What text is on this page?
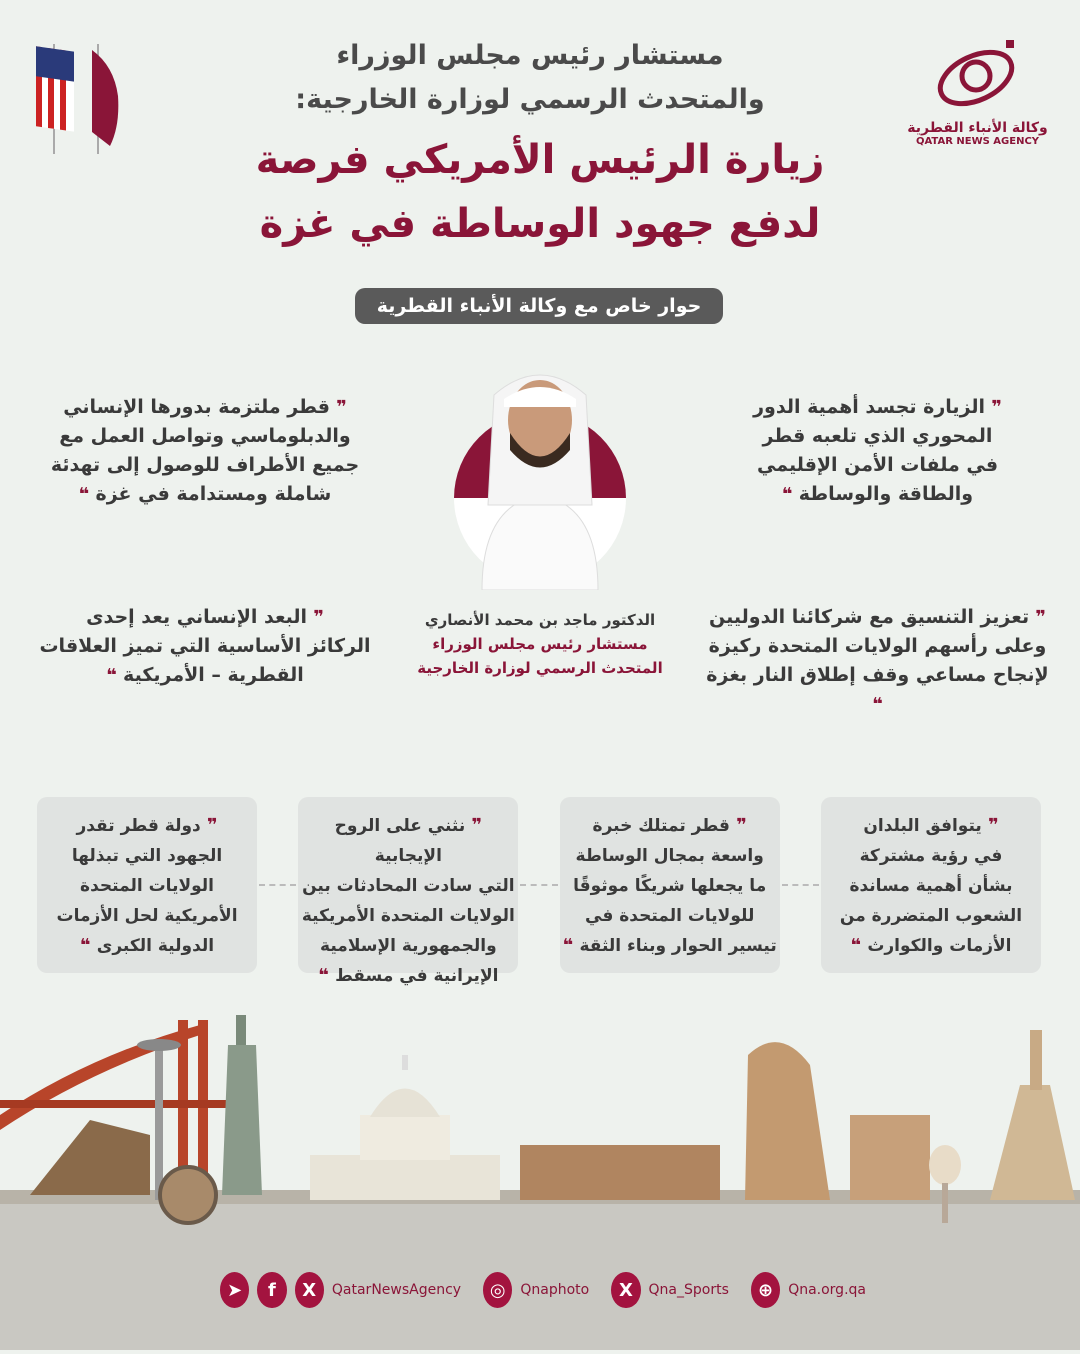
مستشار رئيس مجلس الوزراء
والمتحدث الرسمي لوزارة الخارجية:
زيارة الرئيس الأمريكي فرصة
لدفع جهود الوساطة في غزة
وكالة الأنباء القطرية
QATAR NEWS AGENCY
حوار خاص مع وكالة الأنباء القطرية
❞ الزيارة تجسد أهمية الدور
المحوري الذي تلعبه قطر
في ملفات الأمن الإقليمي
والطاقة والوساطة ❝
❞ قطر ملتزمة بدورها الإنساني
والدبلوماسي وتواصل العمل مع
جميع الأطراف للوصول إلى تهدئة
شاملة ومستدامة في غزة ❝
❞ تعزيز التنسيق مع شركائنا الدوليين
وعلى رأسهم الولايات المتحدة ركيزة
لإنجاح مساعي وقف إطلاق النار بغزة ❝
❞ البعد الإنساني يعد إحدى
الركائز الأساسية التي تميز العلاقات
القطرية – الأمريكية ❝
الدكتور ماجد بن محمد الأنصاري
مستشار رئيس مجلس الوزراء
المتحدث الرسمي لوزارة الخارجية
❞ يتوافق البلدان
في رؤية مشتركة
بشأن أهمية مساندة
الشعوب المتضررة من
الأزمات والكوارث ❝
❞ قطر تمتلك خبرة
واسعة بمجال الوساطة
ما يجعلها شريكًا موثوقًا
للولايات المتحدة في
تيسير الحوار وبناء الثقة ❝
❞ نثني على الروح الإيجابية
التي سادت المحادثات بين
الولايات المتحدة الأمريكية
والجمهورية الإسلامية
الإيرانية في مسقط ❝
❞ دولة قطر تقدر
الجهود التي تبذلها
الولايات المتحدة
الأمريكية لحل الأزمات
الدولية الكبرى ❝
➤	f	X	QatarNewsAgency	◎	Qnaphoto	X	Qna_Sports	⊕	Qna.org.qa
